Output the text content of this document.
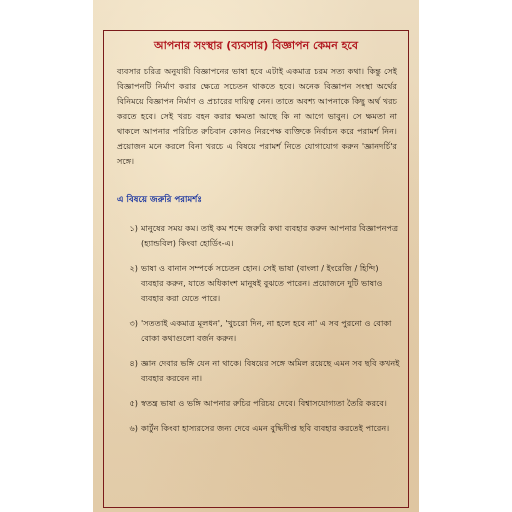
আপনার সংস্থার (ব্যবসার) বিজ্ঞাপন কেমন হবে
ব্যবসার চরিত্র অনুযায়ী বিজ্ঞাপনের ভাষা হবে এটাই একমাত্র চরম সত্য কথা। কিন্তু সেই বিজ্ঞাপনটি নির্মাণ করার ক্ষেত্রে সচেতন থাকতে হবে। অনেক বিজ্ঞাপন সংস্থা অর্থের বিনিময়ে বিজ্ঞাপন নির্মাণ ও প্রচারের দায়িত্ব নেন। তাতে অবশ্য আপনাকে কিছু অর্থ খরচ করতে হবে। সেই খরচ বহন করার ক্ষমতা আছে কি না আগে ভাবুন। সে ক্ষমতা না থাকলে আপনার পরিচিত রুচিবান কোনও নিরপেক্ষ ব্যক্তিকে নির্বাচন করে পরামর্শ নিন। প্রয়োজন মনে করলে বিনা খরচে এ বিষয়ে পরামর্শ নিতে যোগাযোগ করুন 'জ্ঞানদর্চি'র সঙ্গে।
এ বিষয়ে জরুরি পরামর্শঃ
১) মানুষের সময় কম। তাই কম শব্দে জরুরি কথা ব্যবহার করুন আপনার বিজ্ঞাপনপত্র (হ্যান্ডবিল) কিংবা হোর্ডিং-এ।
২) ভাষা ও বানান সম্পর্কে সচেতন হোন। সেই ভাষা (বাংলা / ইংরেজি / হিন্দি) ব্যবহার করুন, যাতে অধিকাংশ মানুষই বুঝতে পারেন। প্রয়োজনে দুটি ভাষাও ব্যবহার করা যেতে পারে।
৩) 'সততাই একমাত্র মূলধন', 'খুচরো দিন, না হলে হবে না' এ সব পুরনো ও বোকা বোকা কথাগুলো বর্জন করুন।
৪) জ্ঞান দেবার ভঙ্গি যেন না থাকে। বিষয়ের সঙ্গে অমিল রয়েছে এমন সব ছবি কখনই ব্যবহার করবেন না।
৫) স্বতন্ত্র ভাষা ও ভঙ্গি আপনার রুচির পরিচয় দেবে। বিশ্বাসযোগ্যতা তৈরি করবে।
৬) কার্টুন কিংবা হাস্যরসের জন্য দেবে এমন বুদ্ধিদীপ্ত ছবি ব্যবহার করতেই পারেন।
